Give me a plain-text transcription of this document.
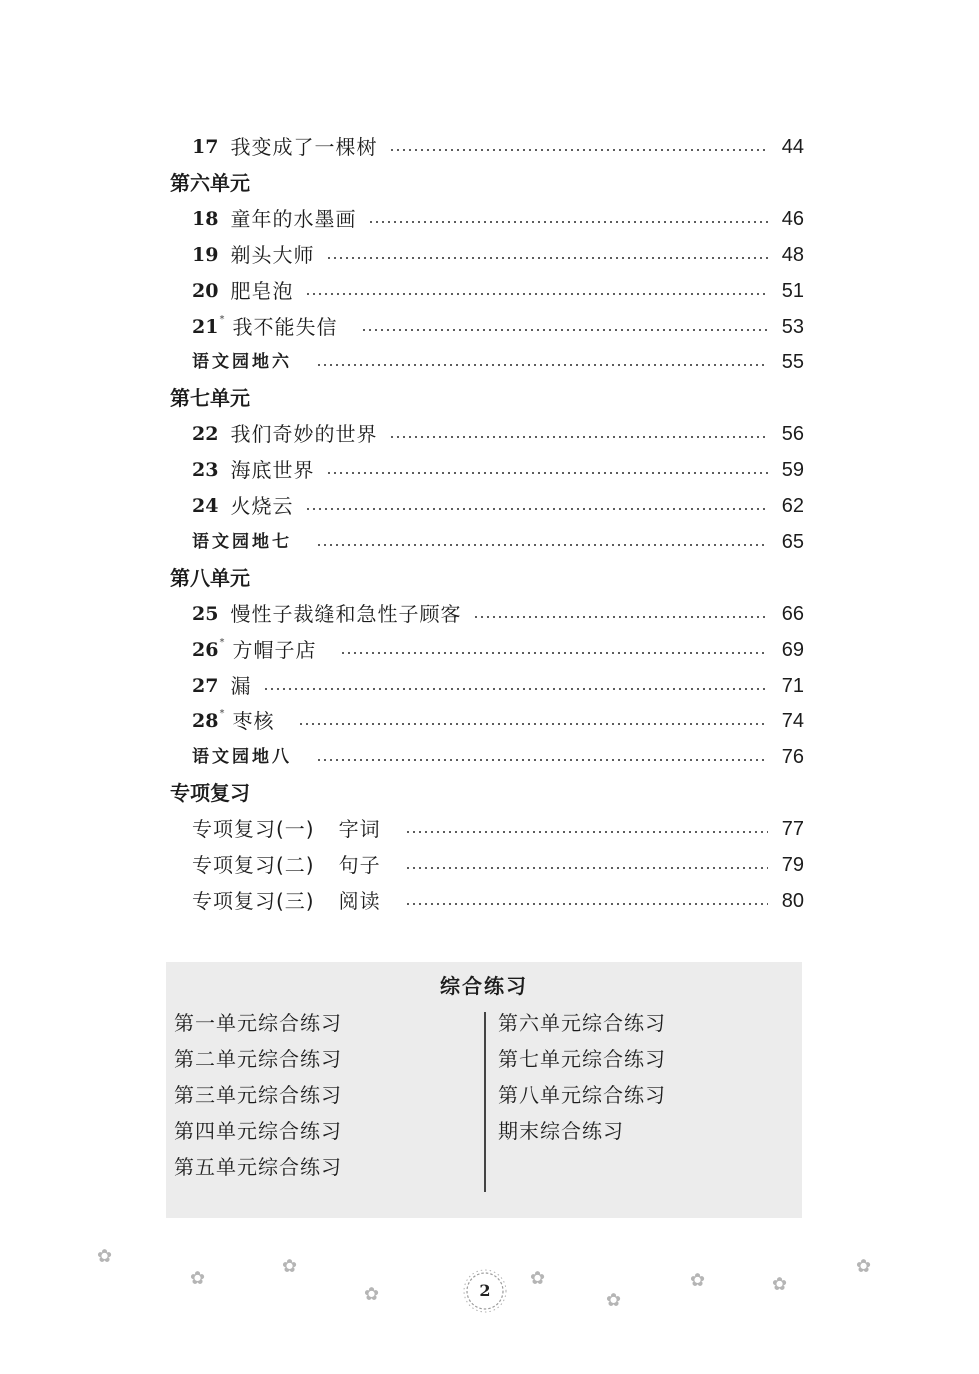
17 我变成了一棵树	44
第六单元
18 童年的水墨画	46
19 剃头大师	48
20 肥皂泡	51
21 * 我不能失信	53
语文园地六	55
第七单元
22 我们奇妙的世界	56
23 海底世界	59
24 火烧云	62
语文园地七	65
第八单元
25 慢性子裁缝和急性子顾客	66
26 * 方帽子店	69
27 漏	71
28 * 枣核	74
语文园地八	76
专项复习
专项复习(一) 字词	77
专项复习(二) 句子	79
专项复习(三) 阅读	80
综合练习
第一单元综合练习
第二单元综合练习
第三单元综合练习
第四单元综合练习
第五单元综合练习
第六单元综合练习
第七单元综合练习
第八单元综合练习
期末综合练习
✿
✿
✿
✿
✿
✿
✿	✿
✿
2
